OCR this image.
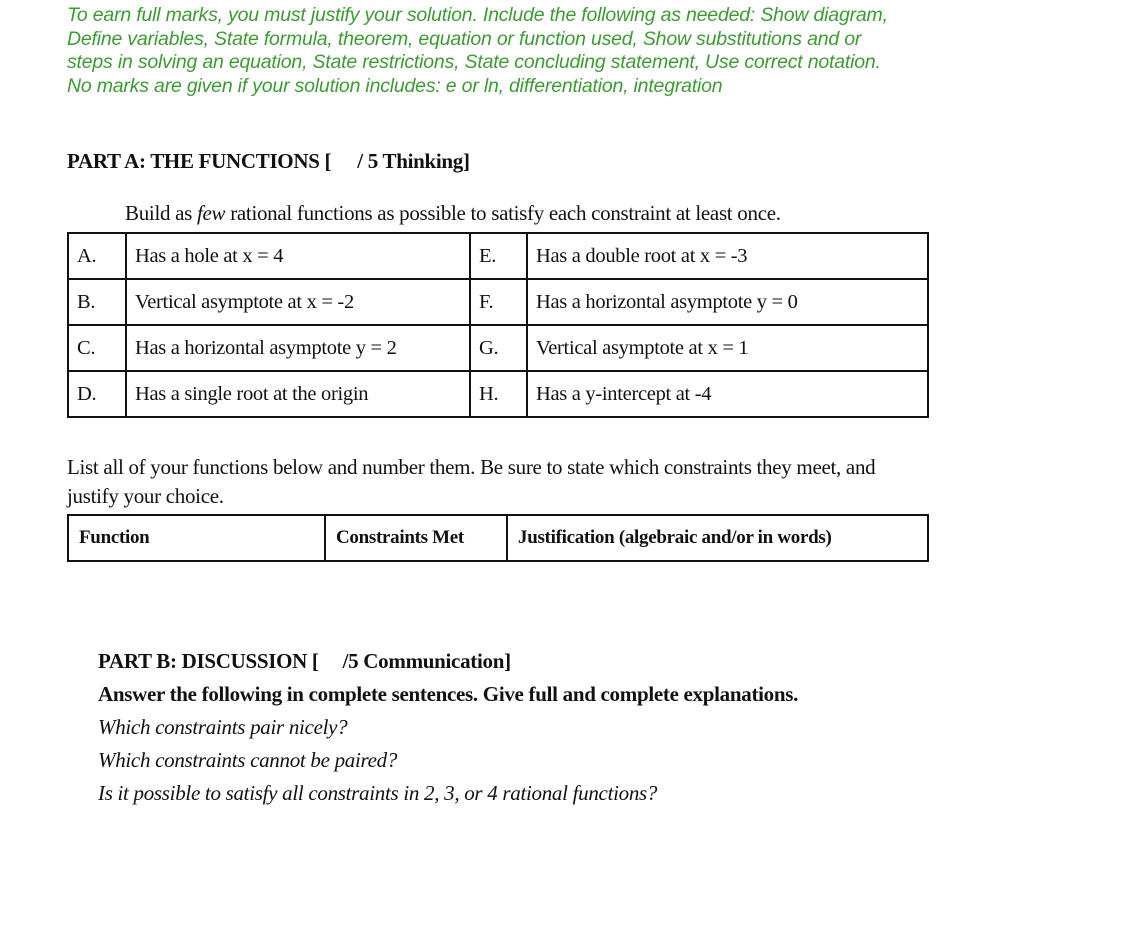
To earn full marks, you must justify your solution. Include the following as needed: Show diagram, Define variables, State formula, theorem, equation or function used, Show substitutions and or steps in solving an equation, State restrictions, State concluding statement, Use correct notation. No marks are given if your solution includes: e or ln, differentiation, integration
PART A: THE FUNCTIONS [ / 5 Thinking]
Build as few rational functions as possible to satisfy each constraint at least once.
A.	Has a hole at x = 4	E.	Has a double root at x = -3
B.	Vertical asymptote at x = -2	F.	Has a horizontal asymptote y = 0
C.	Has a horizontal asymptote y = 2	G.	Vertical asymptote at x = 1
D.	Has a single root at the origin	H.	Has a y-intercept at -4
List all of your functions below and number them. Be sure to state which constraints they meet, and justify your choice.
Function	Constraints Met	Justification (algebraic and/or in words)
PART B: DISCUSSION [ /5 Communication]
Answer the following in complete sentences. Give full and complete explanations.
Which constraints pair nicely?
Which constraints cannot be paired?
Is it possible to satisfy all constraints in 2, 3, or 4 rational functions?
